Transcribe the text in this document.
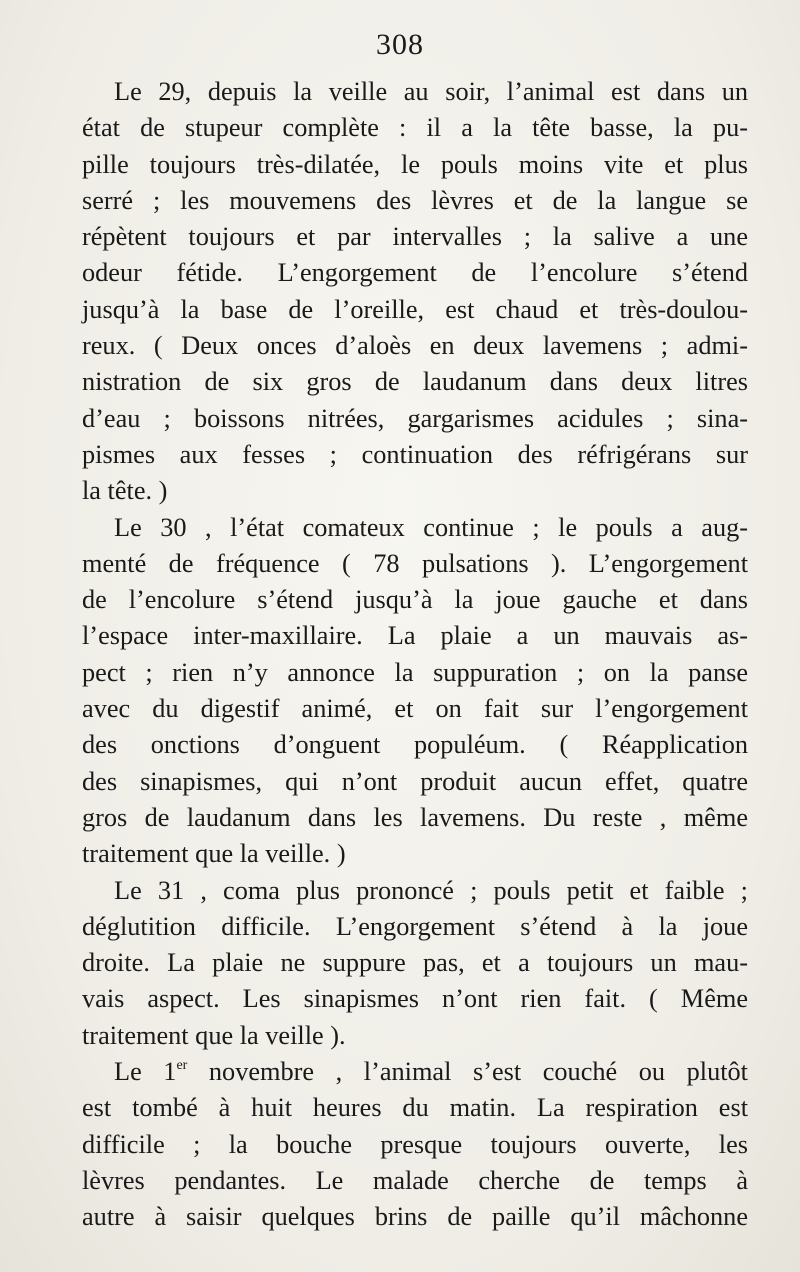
308
Le 29, depuis la veille au soir, l’animal est dans un
état de stupeur complète : il a la tête basse, la pu-
pille toujours très-dilatée, le pouls moins vite et plus
serré ; les mouvemens des lèvres et de la langue se
répètent toujours et par intervalles ; la salive a une
odeur fétide. L’engorgement de l’encolure s’étend
jusqu’à la base de l’oreille, est chaud et très-doulou-
reux. ( Deux onces d’aloès en deux lavemens ; admi-
nistration de six gros de laudanum dans deux litres
d’eau ; boissons nitrées, gargarismes acidules ; sina-
pismes aux fesses ; continuation des réfrigérans sur
la tête. )
Le 30 , l’état comateux continue ; le pouls a aug-
menté de fréquence ( 78 pulsations ). L’engorgement
de l’encolure s’étend jusqu’à la joue gauche et dans
l’espace inter-maxillaire. La plaie a un mauvais as-
pect ; rien n’y annonce la suppuration ; on la panse
avec du digestif animé, et on fait sur l’engorgement
des onctions d’onguent populéum. ( Réapplication
des sinapismes, qui n’ont produit aucun effet, quatre
gros de laudanum dans les lavemens. Du reste , même
traitement que la veille. )
Le 31 , coma plus prononcé ; pouls petit et faible ;
déglutition difficile. L’engorgement s’étend à la joue
droite. La plaie ne suppure pas, et a toujours un mau-
vais aspect. Les sinapismes n’ont rien fait. ( Même
traitement que la veille ).
Le 1er novembre , l’animal s’est couché ou plutôt
est tombé à huit heures du matin. La respiration est
difficile ; la bouche presque toujours ouverte, les
lèvres pendantes. Le malade cherche de temps à
autre à saisir quelques brins de paille qu’il mâchonne
